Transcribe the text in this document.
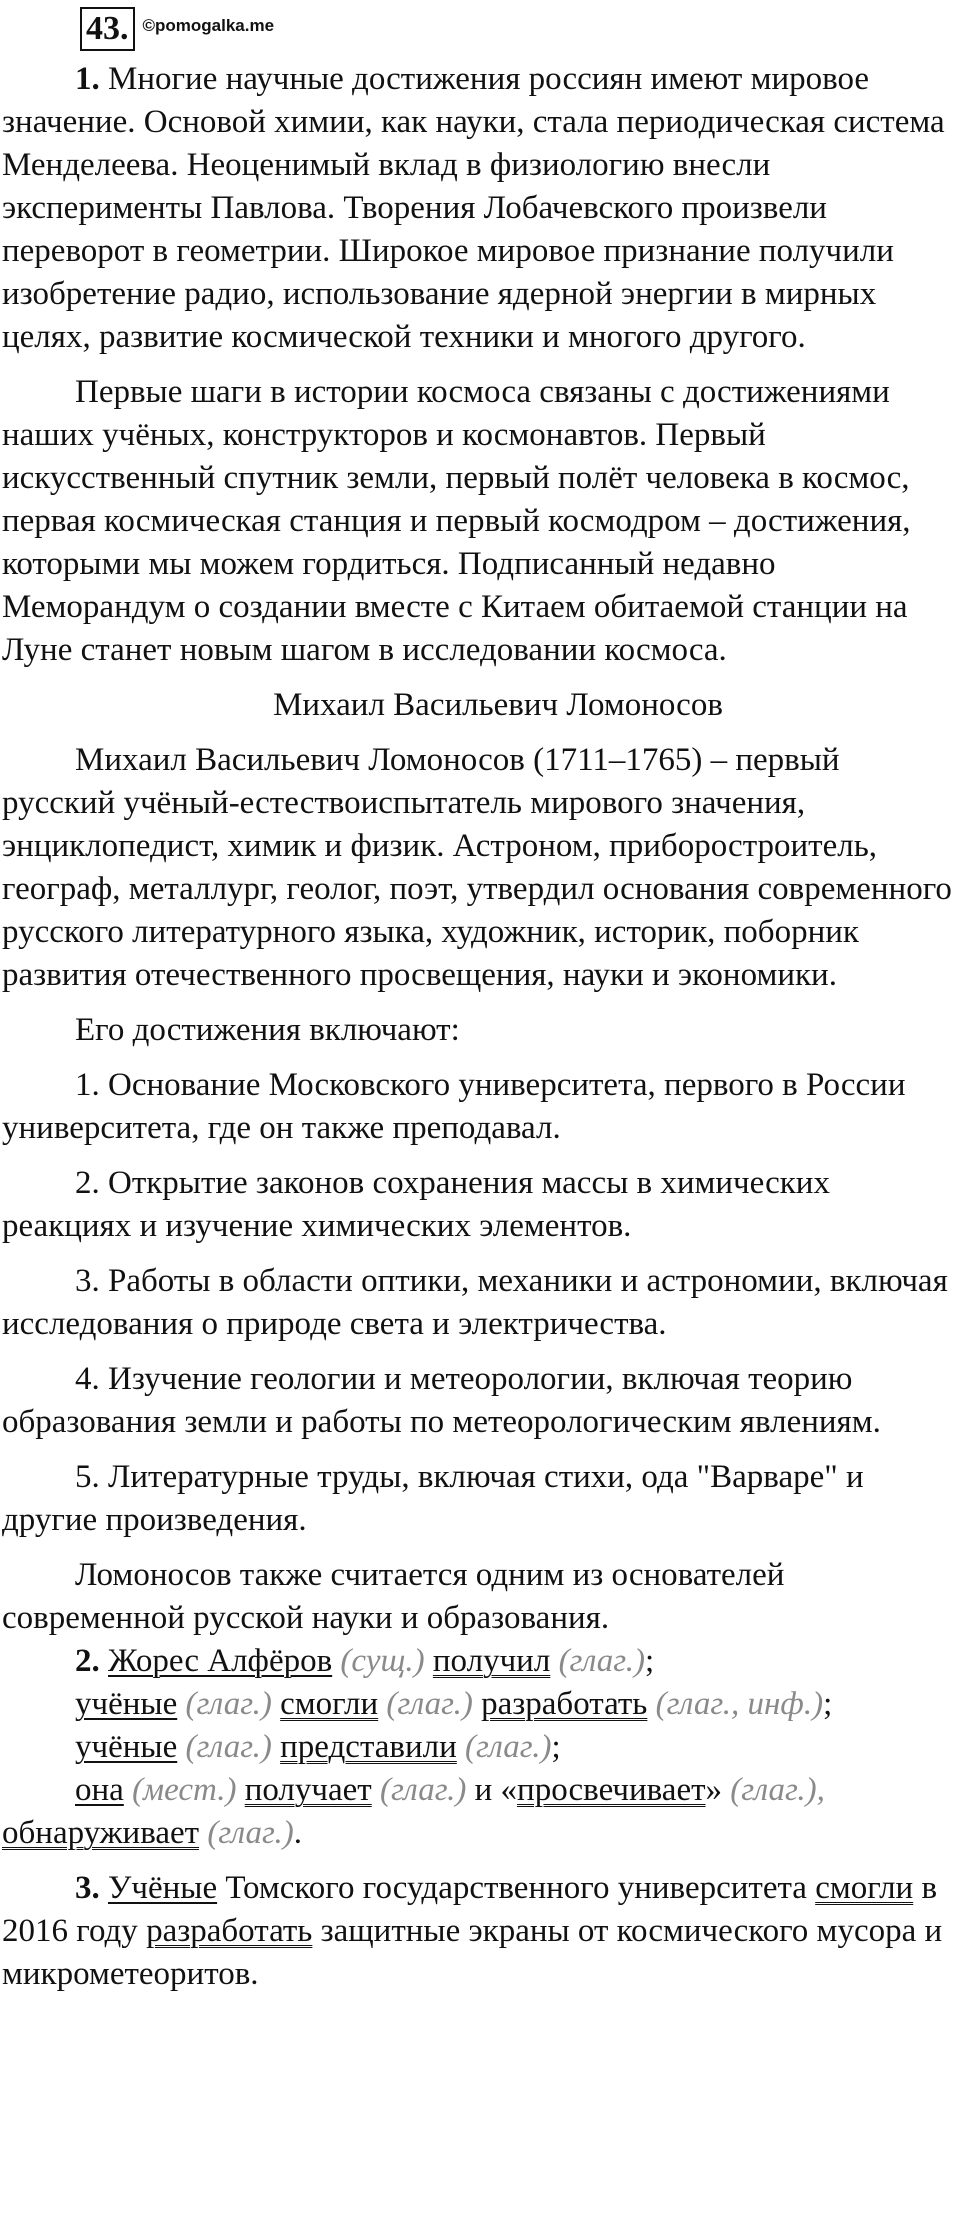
43. ©pomogalka.me

1. Многие научные достижения россиян имеют мировое значение. Основой химии, как науки, стала периодическая система Менделеева. Неоценимый вклад в физиологию внесли эксперименты Павлова. Творения Лобачевского произвели переворот в геометрии. Широкое мировое признание получили изобретение радио, использование ядерной энергии в мирных целях, развитие космической техники и многого другого.

Первые шаги в истории космоса связаны с достижениями наших учёных, конструкторов и космонавтов. Первый искусственный спутник земли, первый полёт человека в космос, первая космическая станция и первый космодром – достижения, которыми мы можем гордиться. Подписанный недавно Меморандум о создании вместе с Китаем обитаемой станции на Луне станет новым шагом в исследовании космоса.

Михаил Васильевич Ломоносов

Михаил Васильевич Ломоносов (1711–1765) – первый русский учёный-естествоиспытатель мирового значения, энциклопедист, химик и физик. Астроном, приборостроитель, географ, металлург, геолог, поэт, утвердил основания современного русского литературного языка, художник, историк, поборник развития отечественного просвещения, науки и экономики.

Его достижения включают:

1. Основание Московского университета, первого в России университета, где он также преподавал.

2. Открытие законов сохранения массы в химических реакциях и изучение химических элементов.

3. Работы в области оптики, механики и астрономии, включая исследования о природе света и электричества.

4. Изучение геологии и метеорологии, включая теорию образования земли и работы по метеорологическим явлениям.

5. Литературные труды, включая стихи, ода "Варваре" и другие произведения.

Ломоносов также считается одним из основателей современной русской науки и образования.

2. Жорес Алфёров (сущ.) получил (глаг.);

учёные (глаг.) смогли (глаг.) разработать (глаг., инф.);

учёные (глаг.) представили (глаг.);

она (мест.) получает (глаг.) и «просвечивает» (глаг.), обнаруживает (глаг.).

3. Учёные Томского государственного университета смогли в 2016 году разработать защитные экраны от космического мусора и микрометеоритов.
